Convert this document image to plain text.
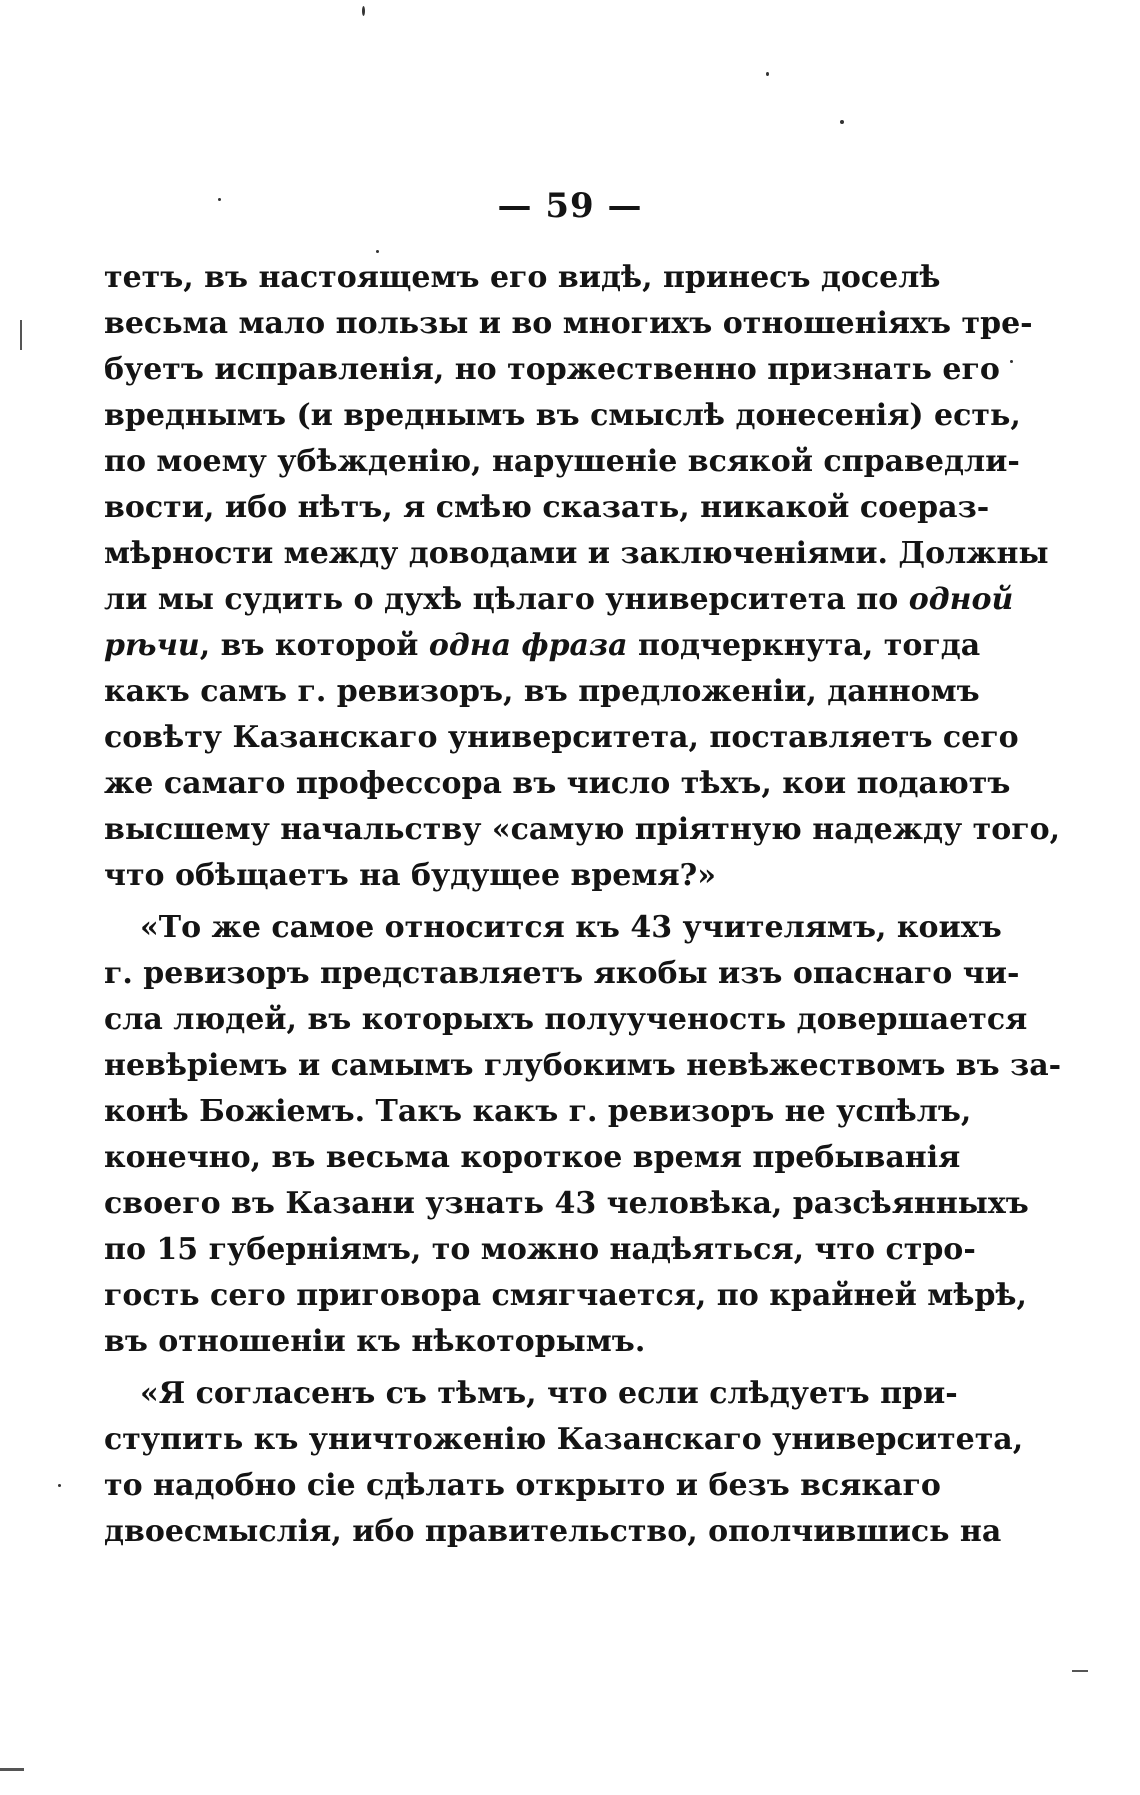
— 59 —
тетъ, въ настоящемъ его видѣ, принесъ доселѣ
весьма мало пользы и во многихъ отношеніяхъ тре-
буетъ исправленія, но торжественно признать его
вреднымъ (и вреднымъ въ смыслѣ донесенія) есть,
по моему убѣжденію, нарушеніе всякой справедли-
вости, ибо нѣтъ, я смѣю сказать, никакой соераз-
мѣрности между доводами и заключеніями. Должны
ли мы судить о духѣ цѣлаго университета по одной
рѣчи, въ которой одна фраза подчеркнута, тогда
какъ самъ г. ревизоръ, въ предложеніи, данномъ
совѣту Казанскаго университета, поставляетъ сего
же самаго профессора въ число тѣхъ, кои подаютъ
высшему начальству «самую пріятную надежду того,
что обѣщаетъ на будущее время?»
«То же самое относится къ 43 учителямъ, коихъ
г. ревизоръ представляетъ якобы изъ опаснаго чи-
сла людей, въ которыхъ полуученость довершается
невѣріемъ и самымъ глубокимъ невѣжествомъ въ за-
конѣ Божіемъ. Такъ какъ г. ревизоръ не успѣлъ,
конечно, въ весьма короткое время пребыванія
своего въ Казани узнать 43 человѣка, разсѣянныхъ
по 15 губерніямъ, то можно надѣяться, что стро-
гость сего приговора смягчается, по крайней мѣрѣ,
въ отношеніи къ нѣкоторымъ.
«Я согласенъ съ тѣмъ, что если слѣдуетъ при-
ступить къ уничтоженію Казанскаго университета,
то надобно сіе сдѣлать открыто и безъ всякаго
двоесмыслія, ибо правительство, ополчившись на
